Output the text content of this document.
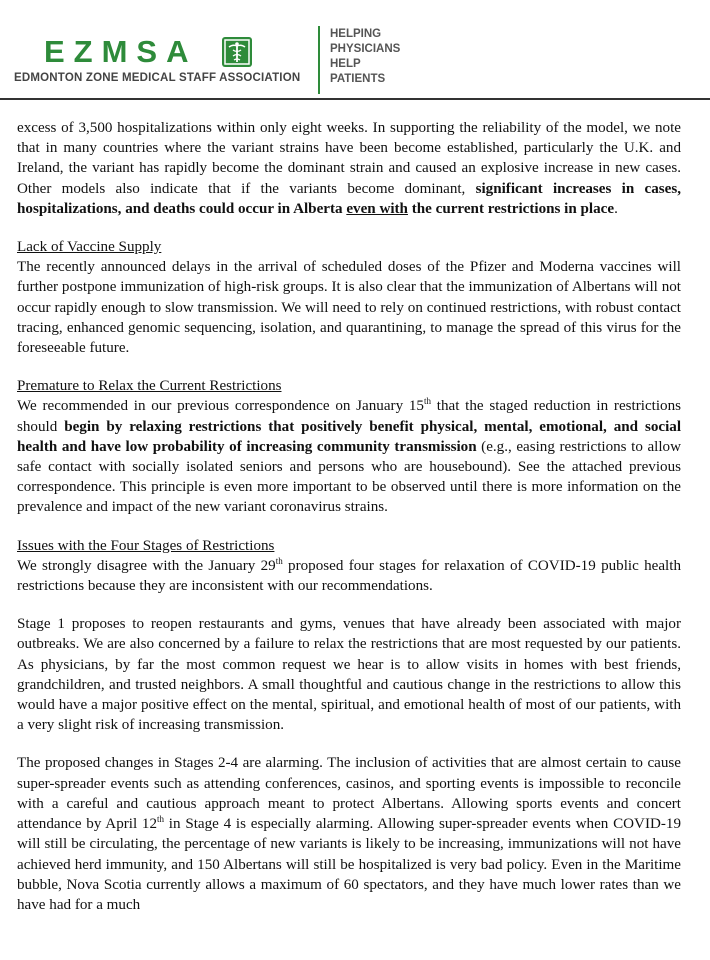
EZMSA
EDMONTON ZONE MEDICAL STAFF ASSOCIATION
HELPING
PHYSICIANS
HELP
PATIENTS

excess of 3,500 hospitalizations within only eight weeks. In supporting the reliability of the model, we note that in many countries where the variant strains have been become established, particularly the U.K. and Ireland, the variant has rapidly become the dominant strain and caused an explosive increase in new cases. Other models also indicate that if the variants become dominant, significant increases in cases, hospitalizations, and deaths could occur in Alberta even with the current restrictions in place.

Lack of Vaccine Supply
The recently announced delays in the arrival of scheduled doses of the Pfizer and Moderna vaccines will further postpone immunization of high-risk groups. It is also clear that the immunization of Albertans will not occur rapidly enough to slow transmission. We will need to rely on continued restrictions, with robust contact tracing, enhanced genomic sequencing, isolation, and quarantining, to manage the spread of this virus for the foreseeable future.

Premature to Relax the Current Restrictions
We recommended in our previous correspondence on January 15th that the staged reduction in restrictions should begin by relaxing restrictions that positively benefit physical, mental, emotional, and social health and have low probability of increasing community transmission (e.g., easing restrictions to allow safe contact with socially isolated seniors and persons who are housebound). See the attached previous correspondence. This principle is even more important to be observed until there is more information on the prevalence and impact of the new variant coronavirus strains.

Issues with the Four Stages of Restrictions
We strongly disagree with the January 29th proposed four stages for relaxation of COVID-19 public health restrictions because they are inconsistent with our recommendations.

Stage 1 proposes to reopen restaurants and gyms, venues that have already been associated with major outbreaks. We are also concerned by a failure to relax the restrictions that are most requested by our patients. As physicians, by far the most common request we hear is to allow visits in homes with best friends, grandchildren, and trusted neighbors. A small thoughtful and cautious change in the restrictions to allow this would have a major positive effect on the mental, spiritual, and emotional health of most of our patients, with a very slight risk of increasing transmission.

The proposed changes in Stages 2-4 are alarming. The inclusion of activities that are almost certain to cause super-spreader events such as attending conferences, casinos, and sporting events is impossible to reconcile with a careful and cautious approach meant to protect Albertans. Allowing sports events and concert attendance by April 12th in Stage 4 is especially alarming. Allowing super-spreader events when COVID-19 will still be circulating, the percentage of new variants is likely to be increasing, immunizations will not have achieved herd immunity, and 150 Albertans will still be hospitalized is very bad policy. Even in the Maritime bubble, Nova Scotia currently allows a maximum of 60 spectators, and they have much lower rates than we have had for a much
